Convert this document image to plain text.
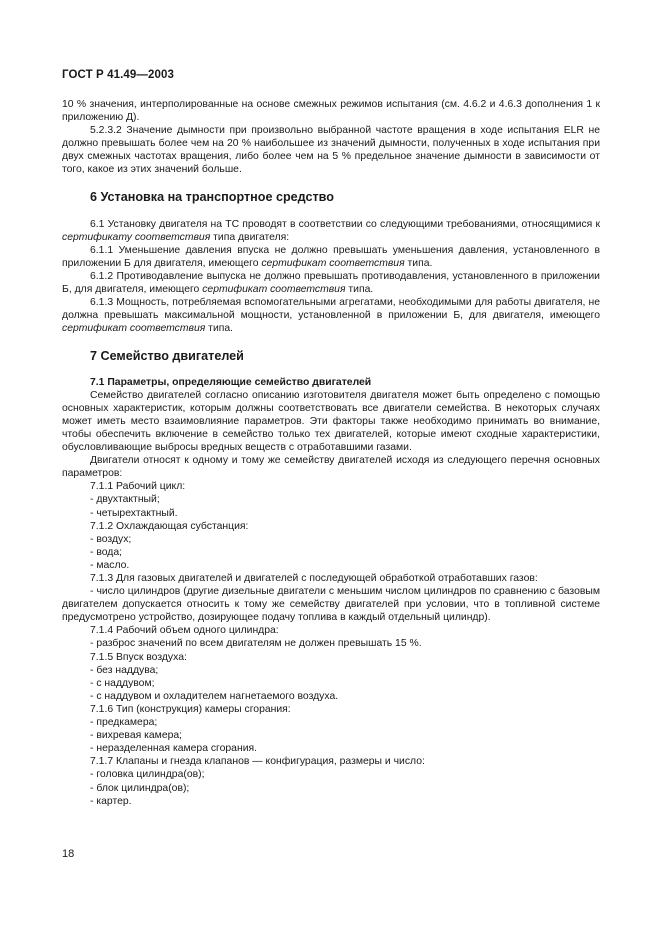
ГОСТ Р 41.49—2003

10 % значения, интерполированные на основе смежных режимов испытания (см. 4.6.2 и 4.6.3 дополнения 1 к приложению Д).

5.2.3.2 Значение дымности при произвольно выбранной частоте вращения в ходе испытания ELR не должно превышать более чем на 20 % наибольшее из значений дымности, полученных в ходе испытания при двух смежных частотах вращения, либо более чем на 5 % предельное значение дымности в зависимости от того, какое из этих значений больше.

6 Установка на транспортное средство

6.1 Установку двигателя на ТС проводят в соответствии со следующими требованиями, относящимися к сертификату соответствия типа двигателя:

6.1.1 Уменьшение давления впуска не должно превышать уменьшения давления, установленного в приложении Б для двигателя, имеющего сертификат соответствия типа.

6.1.2 Противодавление выпуска не должно превышать противодавления, установленного в приложении Б, для двигателя, имеющего сертификат соответствия типа.

6.1.3 Мощность, потребляемая вспомогательными агрегатами, необходимыми для работы двигателя, не должна превышать максимальной мощности, установленной в приложении Б, для двигателя, имеющего сертификат соответствия типа.

7 Семейство двигателей

7.1 Параметры, определяющие семейство двигателей

Семейство двигателей согласно описанию изготовителя двигателя может быть определено с помощью основных характеристик, которым должны соответствовать все двигатели семейства. В некоторых случаях может иметь место взаимовлияние параметров. Эти факторы также необходимо принимать во внимание, чтобы обеспечить включение в семейство только тех двигателей, которые имеют сходные характеристики, обусловливающие выбросы вредных веществ с отработавшими газами.

Двигатели относят к одному и тому же семейству двигателей исходя из следующего перечня основных параметров:

7.1.1 Рабочий цикл:

- двухтактный;

- четырехтактный.

7.1.2 Охлаждающая субстанция:

- воздух;

- вода;

- масло.

7.1.3 Для газовых двигателей и двигателей с последующей обработкой отработавших газов:

- число цилиндров (другие дизельные двигатели с меньшим числом цилиндров по сравнению с базовым двигателем допускается относить к тому же семейству двигателей при условии, что в топливной системе предусмотрено устройство, дозирующее подачу топлива в каждый отдельный цилиндр).

7.1.4 Рабочий объем одного цилиндра:

- разброс значений по всем двигателям не должен превышать 15 %.

7.1.5 Впуск воздуха:

- без наддува;

- с наддувом;

- с наддувом и охладителем нагнетаемого воздуха.

7.1.6 Тип (конструкция) камеры сгорания:

- предкамера;

- вихревая камера;

- неразделенная камера сгорания.

7.1.7 Клапаны и гнезда клапанов — конфигурация, размеры и число:

- головка цилиндра(ов);

- блок цилиндра(ов);

- картер.

18
